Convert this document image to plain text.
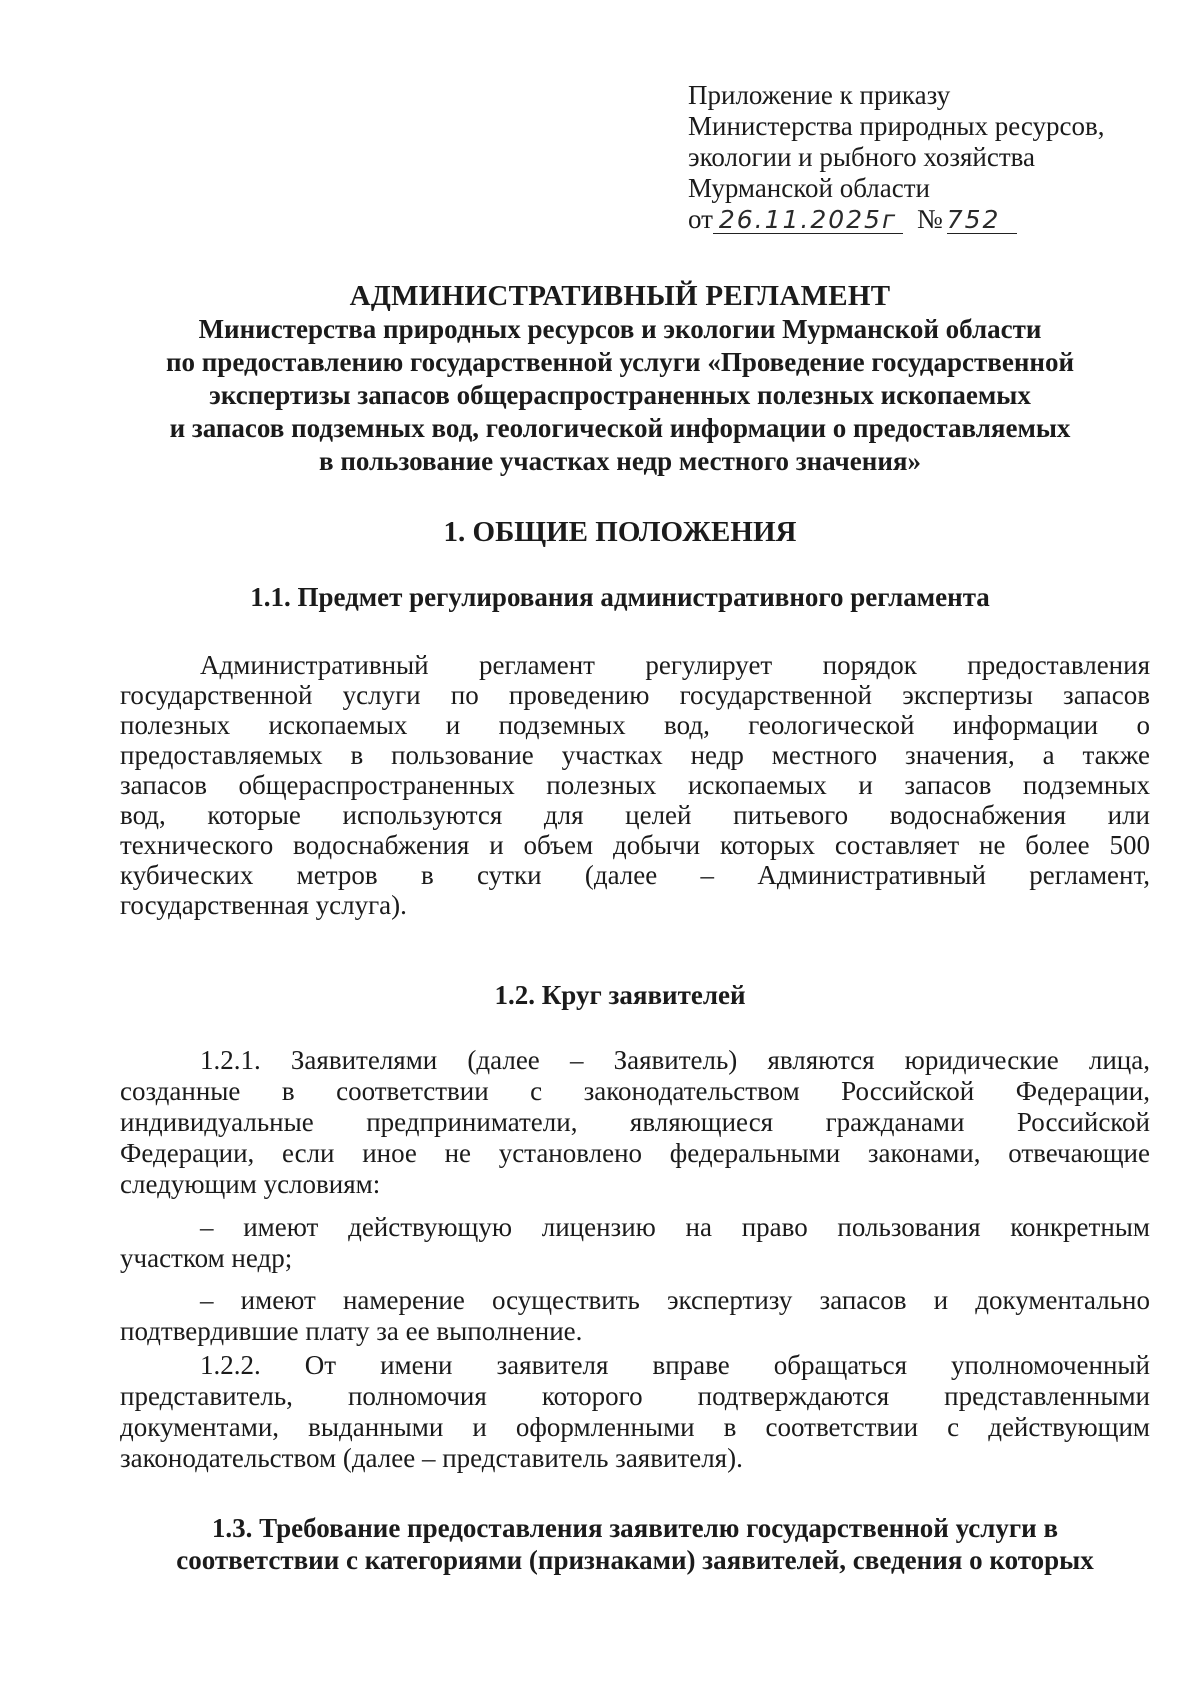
Приложение к приказу
Министерства природных ресурсов,
экологии и рыбного хозяйства
Мурманской области
от 26.11.2025г № 752
АДМИНИСТРАТИВНЫЙ РЕГЛАМЕНТ
Министерства природных ресурсов и экологии Мурманской области
по предоставлению государственной услуги «Проведение государственной
экспертизы запасов общераспространенных полезных ископаемых
и запасов подземных вод, геологической информации о предоставляемых
в пользование участках недр местного значения»
1. ОБЩИЕ ПОЛОЖЕНИЯ
1.1. Предмет регулирования административного регламента
Административный регламент регулирует порядок предоставления
государственной услуги по проведению государственной экспертизы запасов
полезных ископаемых и подземных вод, геологической информации о
предоставляемых в пользование участках недр местного значения, а также
запасов общераспространенных полезных ископаемых и запасов подземных
вод, которые используются для целей питьевого водоснабжения или
технического водоснабжения и объем добычи которых составляет не более 500
кубических метров в сутки (далее – Административный регламент,
государственная услуга).
1.2. Круг заявителей
1.2.1. Заявителями (далее – Заявитель) являются юридические лица,
созданные в соответствии с законодательством Российской Федерации,
индивидуальные предприниматели, являющиеся гражданами Российской
Федерации, если иное не установлено федеральными законами, отвечающие
следующим условиям:
– имеют действующую лицензию на право пользования конкретным
участком недр;
– имеют намерение осуществить экспертизу запасов и документально
подтвердившие плату за ее выполнение.
1.2.2. От имени заявителя вправе обращаться уполномоченный
представитель, полномочия которого подтверждаются представленными
документами, выданными и оформленными в соответствии с действующим
законодательством (далее – представитель заявителя).
1.3. Требование предоставления заявителю государственной услуги в
соответствии с категориями (признаками) заявителей, сведения о которых
